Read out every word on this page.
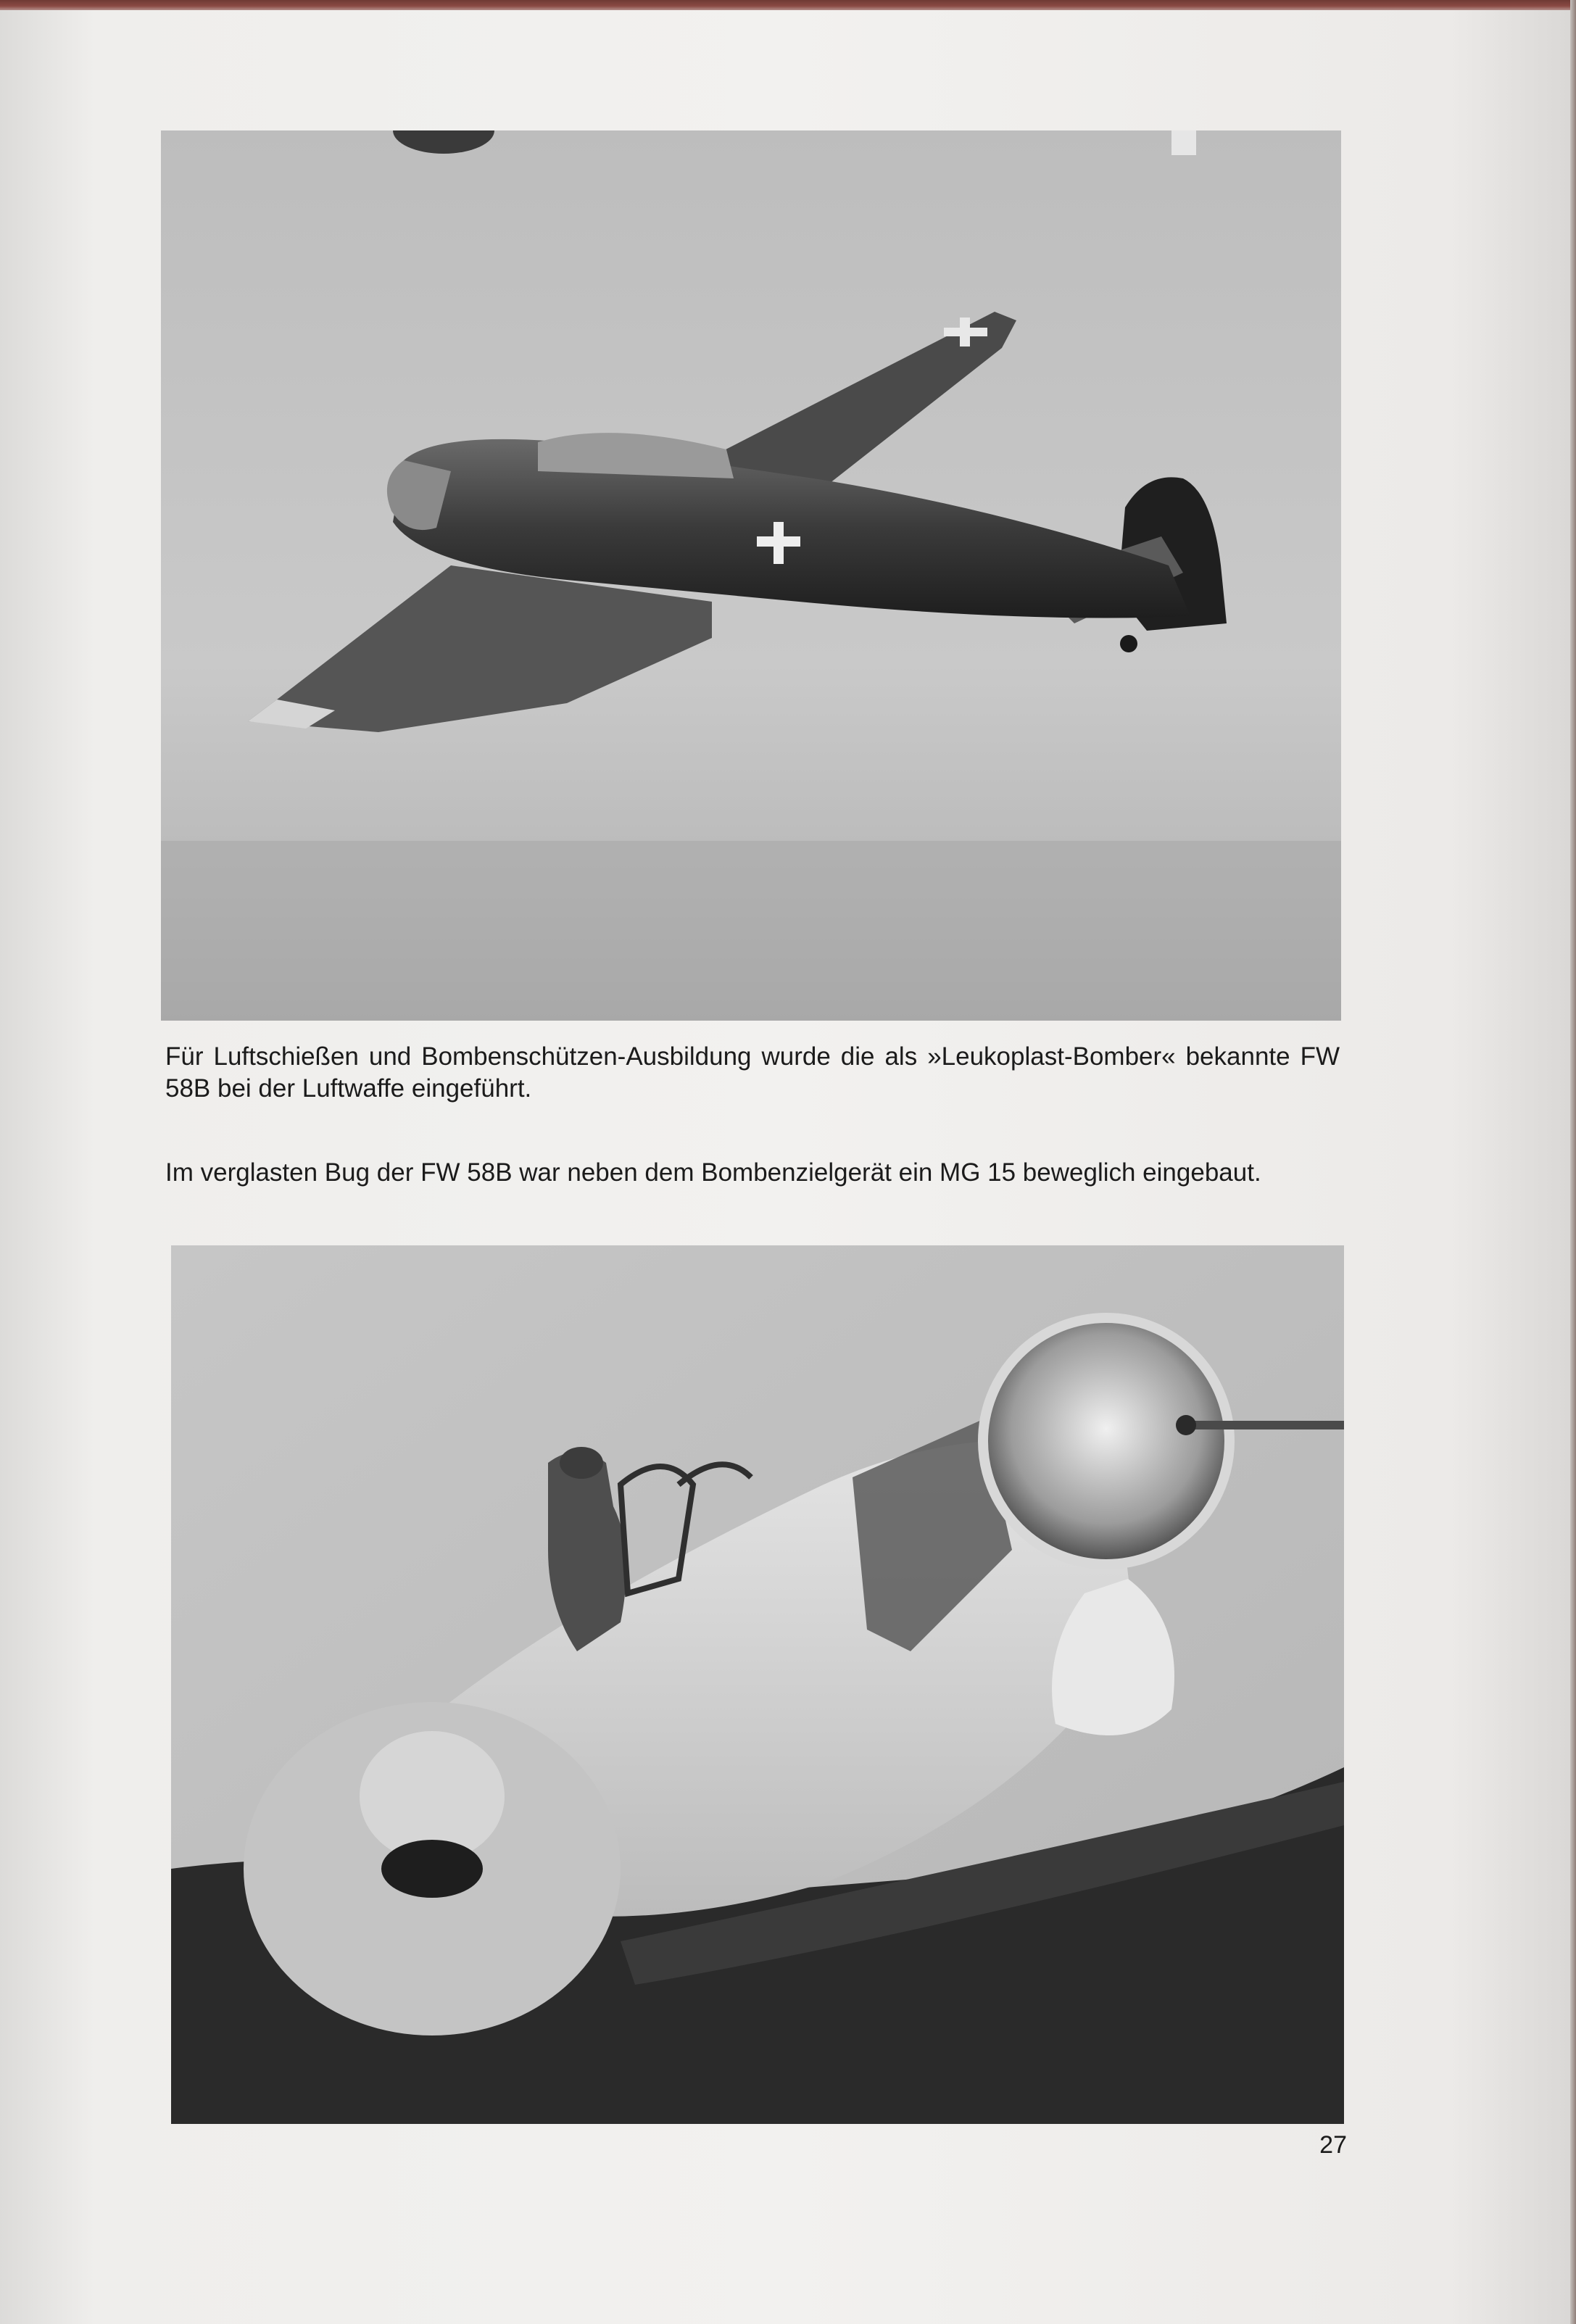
Für Luftschießen und Bombenschützen-Ausbildung wurde die als »Leukoplast-Bomber« bekannte FW 58B bei der Luftwaffe eingeführt.

Im verglasten Bug der FW 58B war neben dem Bombenzielgerät ein MG 15 beweglich eingebaut.

27
